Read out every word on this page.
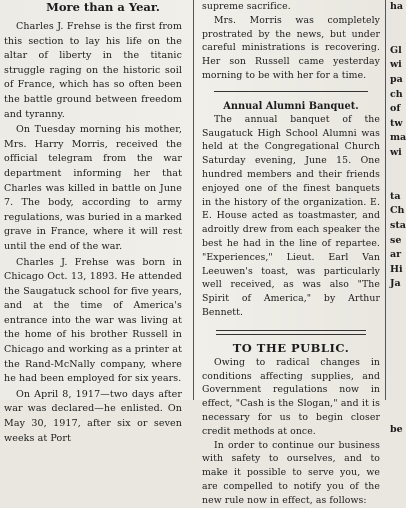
More than a Year.

Charles J. Frehse is the first from this section to lay his life on the altar of liberty in the titanic struggle raging on the historic soil of France, which has so often been the battle ground between freedom and tyranny.

On Tuesday morning his mother, Mrs. Harry Morris, received the official telegram from the war department informing her that Charles was killed in battle on June 7. The body, according to army regulations, was buried in a marked grave in France, where it will rest until the end of the war.

Charles J. Frehse was born in Chicago Oct. 13, 1893. He attended the Saugatuck school for five years, and at the time of America's entrance into the war was living at the home of his brother Russell in Chicago and working as a printer at the Rand-McNally company, where he had been employed for six years.

On April 8, 1917—two days after war was declared—he enlisted. On May 30, 1917, after six or seven weeks at Port

supreme sacrifice.

Mrs. Morris was completely prostrated by the news, but under careful ministrations is recovering. Her son Russell came yesterday morning to be with her for a time.

Annual Alumni Banquet.

The annual banquet of the Saugatuck High School Alumni was held at the Congregational Church Saturday evening, June 15. One hundred members and their friends enjoyed one of the finest banquets in the history of the organization. E. E. House acted as toastmaster, and adroitly drew from each speaker the best he had in the line of repartee. "Experiences," Lieut. Earl Van Leeuwen's toast, was particularly well received, as was also "The Spirit of America," by Arthur Bennett.

TO THE PUBLIC.

Owing to radical changes in conditions affecting supplies, and Government regulations now in effect, "Cash is the Slogan," and it is necessary for us to begin closer credit methods at once.

In order to continue our business with safety to ourselves, and to make it possible to serve you, we are compelled to notify you of the new rule now in effect, as follows:

ha

Gl
wi
pa
ch
of
tw
ma
wi

ta
Ch
sta
se
ar
Hi
Ja

be
